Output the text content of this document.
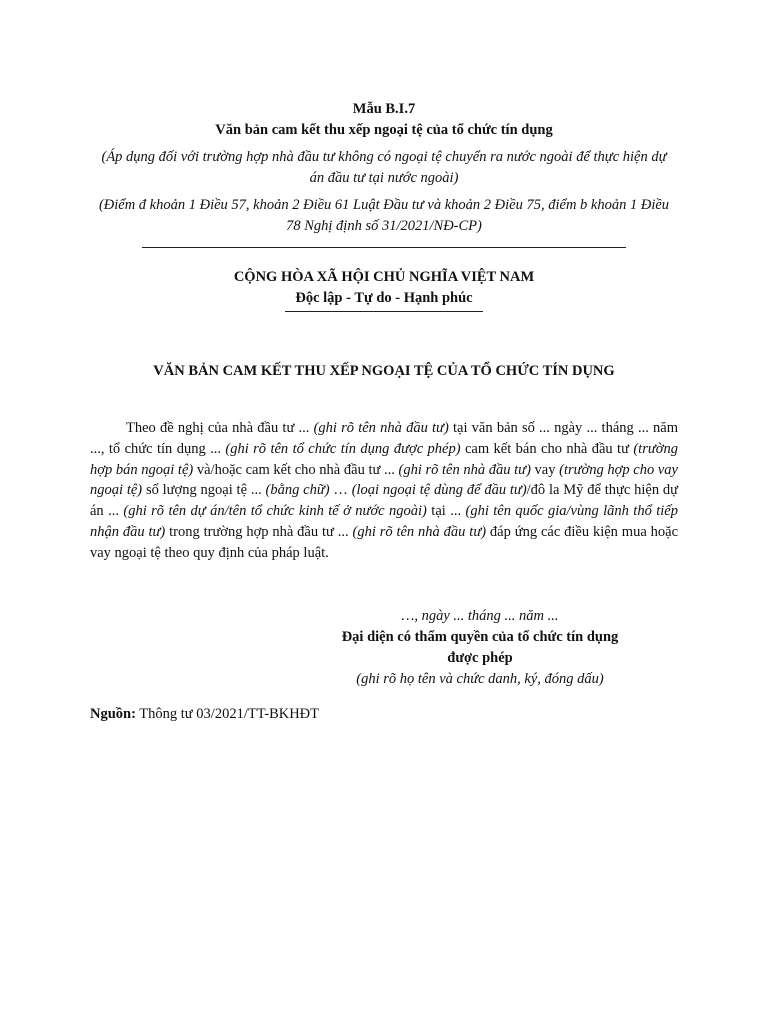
Mẫu B.I.7
Văn bản cam kết thu xếp ngoại tệ của tổ chức tín dụng
(Áp dụng đối với trường hợp nhà đầu tư không có ngoại tệ chuyển ra nước ngoài để thực hiện dự án đầu tư tại nước ngoài)
(Điểm đ khoản 1 Điều 57, khoản 2 Điều 61 Luật Đầu tư và khoản 2 Điều 75, điểm b khoản 1 Điều 78 Nghị định số 31/2021/NĐ-CP)
CỘNG HÒA XÃ HỘI CHỦ NGHĨA VIỆT NAM
Độc lập - Tự do - Hạnh phúc
VĂN BẢN CAM KẾT THU XẾP NGOẠI TỆ CỦA TỔ CHỨC TÍN DỤNG
Theo đề nghị của nhà đầu tư ... (ghi rõ tên nhà đầu tư) tại văn bản số ... ngày ... tháng ... năm ..., tổ chức tín dụng ... (ghi rõ tên tổ chức tín dụng được phép) cam kết bán cho nhà đầu tư (trường hợp bán ngoại tệ) và/hoặc cam kết cho nhà đầu tư ... (ghi rõ tên nhà đầu tư) vay (trường hợp cho vay ngoại tệ) số lượng ngoại tệ ... (bằng chữ) … (loại ngoại tệ dùng để đầu tư)/đô la Mỹ để thực hiện dự án ... (ghi rõ tên dự án/tên tổ chức kinh tế ở nước ngoài) tại ... (ghi tên quốc gia/vùng lãnh thổ tiếp nhận đầu tư) trong trường hợp nhà đầu tư ... (ghi rõ tên nhà đầu tư) đáp ứng các điều kiện mua hoặc vay ngoại tệ theo quy định của pháp luật.
…, ngày ... tháng ... năm ...
Đại diện có thẩm quyền của tổ chức tín dụng được phép
(ghi rõ họ tên và chức danh, ký, đóng dấu)
Nguồn: Thông tư 03/2021/TT-BKHĐT
